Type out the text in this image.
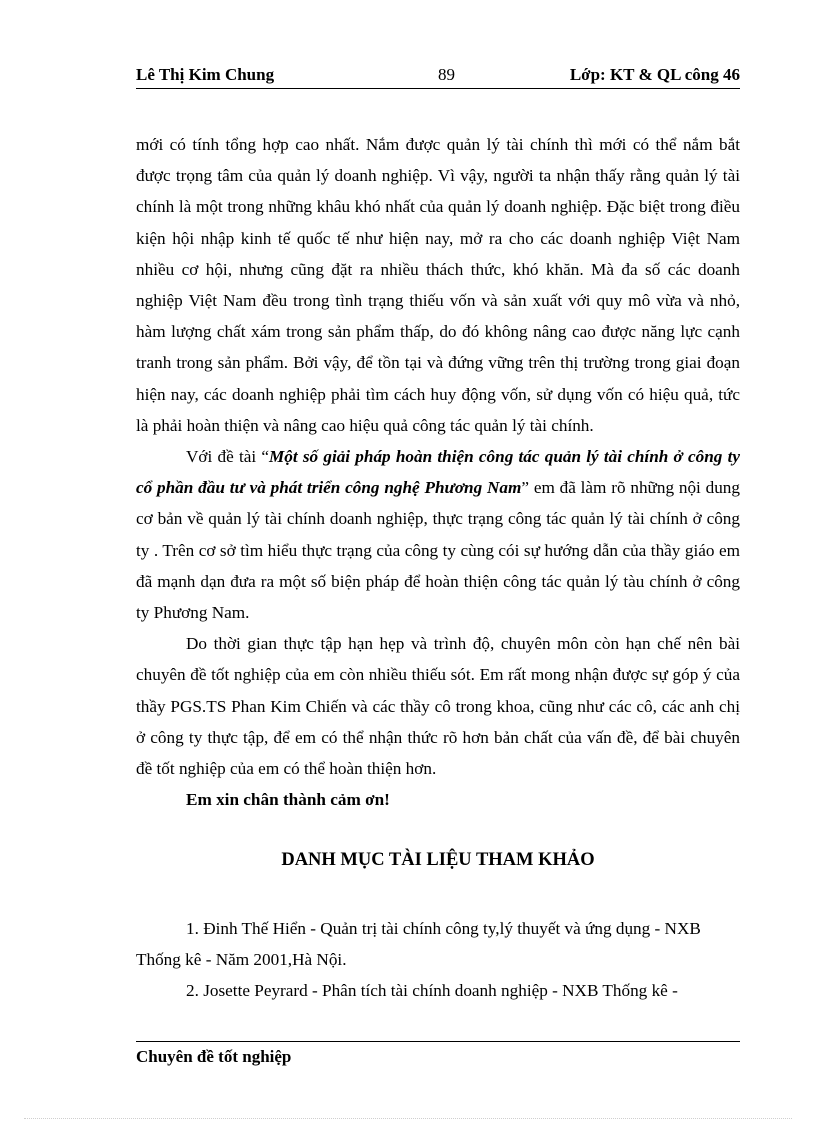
Lê Thị Kim Chung	89	Lớp: KT & QL công 46

mới có tính tổng hợp cao nhất. Nắm được quản lý tài chính thì mới có thể nắm bắt được trọng tâm của quản lý doanh nghiệp. Vì vậy, người ta nhận thấy rằng quản lý tài chính là một trong những khâu khó nhất của quản lý doanh nghiệp. Đặc biệt trong điều kiện hội nhập kinh tế quốc tế như hiện nay, mở ra cho các doanh nghiệp Việt Nam nhiều cơ hội, nhưng cũng đặt ra nhiều thách thức, khó khăn. Mà đa số các doanh nghiệp Việt Nam đều trong tình trạng thiếu vốn và sản xuất với quy mô vừa và nhỏ, hàm lượng chất xám trong sản phẩm thấp, do đó không nâng cao được năng lực cạnh tranh trong sản phẩm. Bởi vậy, để tồn tại và đứng vững trên thị trường trong giai đoạn hiện nay, các doanh nghiệp phải tìm cách huy động vốn, sử dụng vốn có hiệu quả, tức là phải hoàn thiện và nâng cao hiệu quả công tác quản lý tài chính.

Với đề tài “Một số giải pháp hoàn thiện công tác quản lý tài chính ở công ty cổ phần đầu tư và phát triển công nghệ Phương Nam” em đã làm rõ những nội dung cơ bản về quản lý tài chính doanh nghiệp, thực trạng công tác quản lý tài chính ở công ty . Trên cơ sở tìm hiểu thực trạng của công ty cùng cói sự hướng dẫn của thầy giáo em đã mạnh dạn đưa ra một số biện pháp để hoàn thiện công tác quản lý tàu chính ở công ty Phương Nam.

Do thời gian thực tập hạn hẹp và trình độ, chuyên môn còn hạn chế nên bài chuyên đề tốt nghiệp của em còn nhiều thiếu sót. Em rất mong nhận được sự góp ý của thầy PGS.TS Phan Kim Chiến và các thầy cô trong khoa, cũng như các cô, các anh chị ở công ty thực tập, để em có thể nhận thức rõ hơn bản chất của vấn đề, để bài chuyên đề tốt nghiệp của em có thể hoàn thiện hơn.

Em xin chân thành cảm ơn!

DANH MỤC TÀI LIỆU THAM KHẢO

1. Đinh Thế Hiển - Quản trị tài chính công ty,lý thuyết và ứng dụng - NXB Thống kê - Năm 2001,Hà Nội.

2. Josette Peyrard - Phân tích tài chính doanh nghiệp - NXB Thống kê -

Chuyên đề tốt nghiệp
